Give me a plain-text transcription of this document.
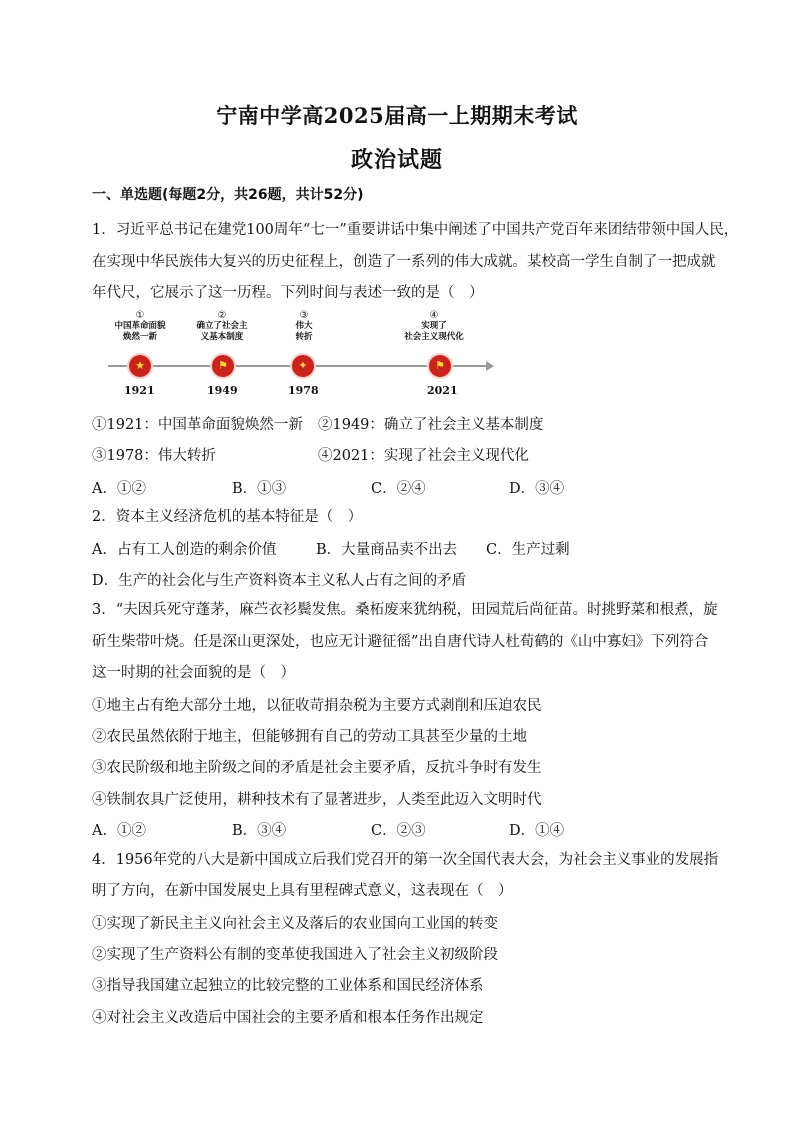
宁南中学高2025届高一上期期末考试
政治试题
一、单选题(每题2分，共26题，共计52分)
1．习近平总书记在建党100周年“七一”重要讲话中集中阐述了中国共产党百年来团结带领中国人民，
在实现中华民族伟大复兴的历史征程上，创造了一系列的伟大成就。某校高一学生自制了一把成就
年代尺，它展示了这一历程。下列时间与表述一致的是（　）
①
中国革命面貌
焕然一新
★
1921
②
确立了社会主
义基本制度
⚑
1949
③
伟大
转折
✦
1978
④
实现了
社会主义现代化
⚑
2021
①1921：中国革命面貌焕然一新 ②1949：确立了社会主义基本制度
③1978：伟大转折	④2021：实现了社会主义现代化
A．①②	B．①③	C．②④	D．③④
2．资本主义经济危机的基本特征是（　）
A．占有工人创造的剩余价值	B．大量商品卖不出去 C．生产过剩
D．生产的社会化与生产资料资本主义私人占有之间的矛盾
3．“夫因兵死守蓬茅，麻苎衣衫鬓发焦。桑柘废来犹纳税，田园荒后尚征苗。时挑野菜和根煮，旋
斫生柴带叶烧。任是深山更深处，也应无计避征徭”出自唐代诗人杜荀鹤的《山中寡妇》下列符合
这一时期的社会面貌的是（　）
①地主占有绝大部分土地，以征收苛捐杂税为主要方式剥削和压迫农民
②农民虽然依附于地主，但能够拥有自己的劳动工具甚至少量的土地
③农民阶级和地主阶级之间的矛盾是社会主要矛盾，反抗斗争时有发生
④铁制农具广泛使用，耕种技术有了显著进步，人类至此迈入文明时代
A．①②	B．③④	C．②③	D．①④
4．1956年党的八大是新中国成立后我们党召开的第一次全国代表大会，为社会主义事业的发展指
明了方向，在新中国发展史上具有里程碑式意义，这表现在（　）
①实现了新民主主义向社会主义及落后的农业国向工业国的转变
②实现了生产资料公有制的变革使我国进入了社会主义初级阶段
③指导我国建立起独立的比较完整的工业体系和国民经济体系
④对社会主义改造后中国社会的主要矛盾和根本任务作出规定
